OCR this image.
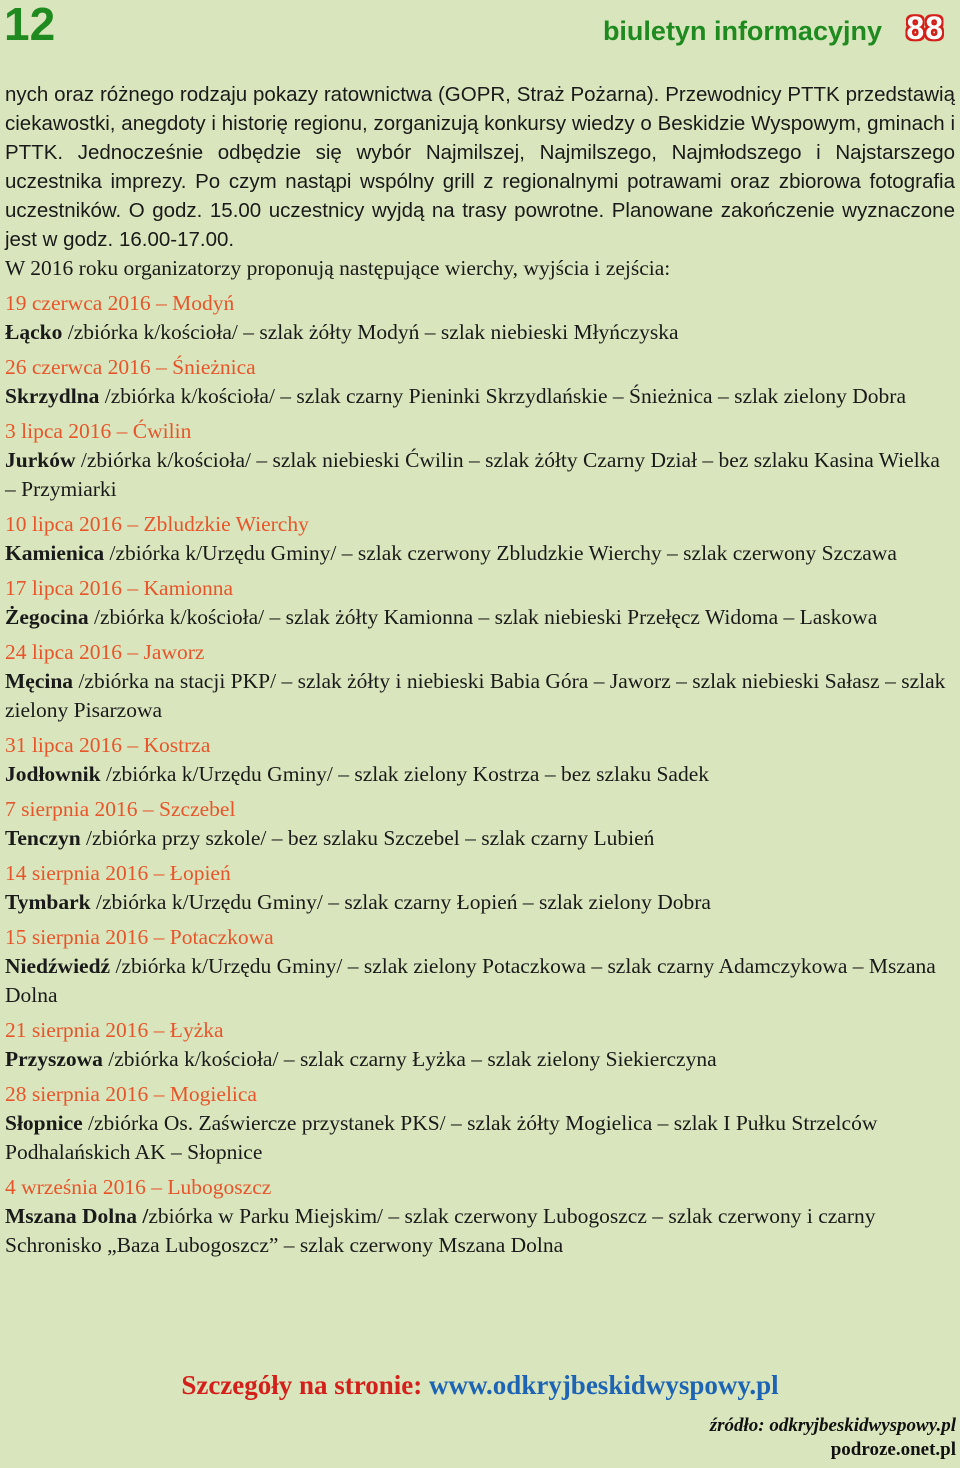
12	biuletyn informacyjny 88

nych oraz różnego rodzaju pokazy ratownictwa (GOPR, Straż Pożarna). Przewodnicy PTTK przedstawią ciekawostki, anegdoty i historię regionu, zorganizują konkursy wiedzy o Beskidzie Wyspowym, gminach i PTTK. Jednocześnie odbędzie się wybór Najmilszej, Najmilszego, Najmłodszego i Najstarszego uczestnika imprezy. Po czym nastąpi wspólny grill z regionalnymi potrawami oraz zbiorowa fotografia uczestników. O godz. 15.00 uczestnicy wyjdą na trasy powrotne. Planowane zakończenie wyznaczone jest w godz. 16.00-17.00.

W 2016 roku organizatorzy proponują następujące wierchy, wyjścia i zejścia:

19 czerwca 2016 – Modyń
Łącko /zbiórka k/kościoła/ – szlak żółty Modyń – szlak niebieski Młyńczyska
26 czerwca 2016 – Śnieżnica
Skrzydlna /zbiórka k/kościoła/ – szlak czarny Pieninki Skrzydlańskie – Śnieżnica – szlak zielony Dobra
3 lipca 2016 – Ćwilin
Jurków /zbiórka k/kościoła/ – szlak niebieski Ćwilin – szlak żółty Czarny Dział – bez szlaku Kasina Wielka – Przymiarki
10 lipca 2016 – Zbludzkie Wierchy
Kamienica /zbiórka k/Urzędu Gminy/ – szlak czerwony Zbludzkie Wierchy – szlak czerwony Szczawa
17 lipca 2016 – Kamionna
Żegocina /zbiórka k/kościoła/ – szlak żółty Kamionna – szlak niebieski Przełęcz Widoma – Laskowa
24 lipca 2016 – Jaworz
Męcina /zbiórka na stacji PKP/ – szlak żółty i niebieski Babia Góra – Jaworz – szlak niebieski Sałasz – szlak zielony Pisarzowa
31 lipca 2016 – Kostrza
Jodłownik /zbiórka k/Urzędu Gminy/ – szlak zielony Kostrza – bez szlaku Sadek
7 sierpnia 2016 – Szczebel
Tenczyn /zbiórka przy szkole/ – bez szlaku Szczebel – szlak czarny Lubień
14 sierpnia 2016 – Łopień
Tymbark /zbiórka k/Urzędu Gminy/ – szlak czarny Łopień – szlak zielony Dobra
15 sierpnia 2016 – Potaczkowa
Niedźwiedź /zbiórka k/Urzędu Gminy/ – szlak zielony Potaczkowa – szlak czarny Adamczykowa – Mszana Dolna
21 sierpnia 2016 – Łyżka
Przyszowa /zbiórka k/kościoła/ – szlak czarny Łyżka – szlak zielony Siekierczyna
28 sierpnia 2016 – Mogielica
Słopnice /zbiórka Os. Zaświercze przystanek PKS/ – szlak żółty Mogielica – szlak I Pułku Strzelców Podhalańskich AK – Słopnice
4 września 2016 – Lubogoszcz
Mszana Dolna /zbiórka w Parku Miejskim/ – szlak czerwony Lubogoszcz – szlak czerwony i czarny Schronisko „Baza Lubogoszcz” – szlak czerwony Mszana Dolna
Szczegóły na stronie: www.odkryjbeskidwyspowy.pl
źródło: odkryjbeskidwyspowy.pl
podroze.onet.pl
